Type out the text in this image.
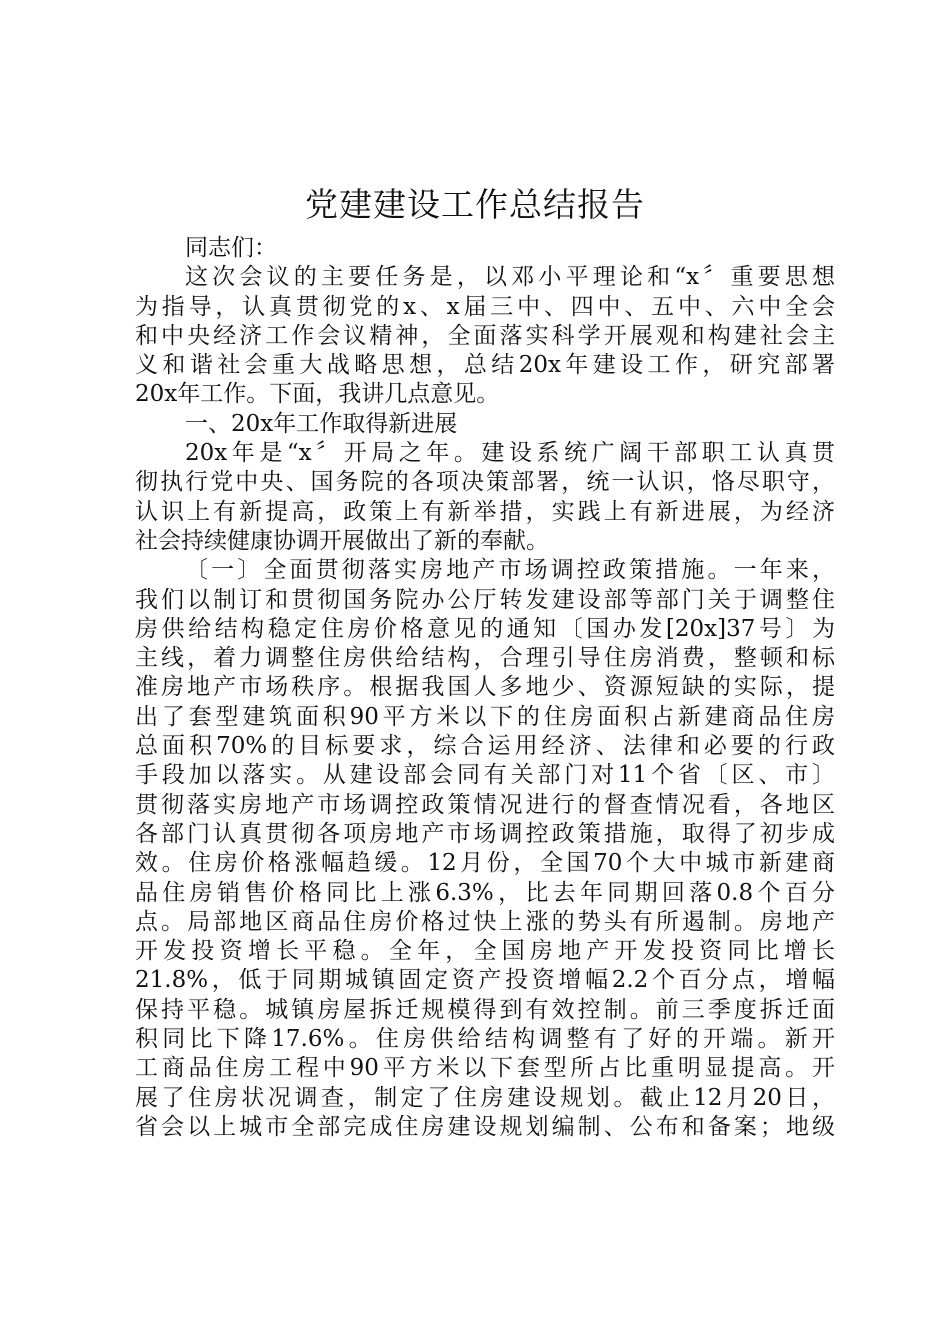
党建建设工作总结报告
同志们：
这次会议的主要任务是，以邓小平理论和“x〞重要思想
为指导，认真贯彻党的x、x届三中、四中、五中、六中全会
和中央经济工作会议精神，全面落实科学开展观和构建社会主
义和谐社会重大战略思想，总结20x年建设工作，研究部署
20x年工作。下面，我讲几点意见。
一、20x年工作取得新进展
20x年是“x〞开局之年。建设系统广阔干部职工认真贯
彻执行党中央、国务院的各项决策部署，统一认识，恪尽职守，
认识上有新提高，政策上有新举措，实践上有新进展，为经济
社会持续健康协调开展做出了新的奉献。
〔一〕全面贯彻落实房地产市场调控政策措施。一年来，
我们以制订和贯彻国务院办公厅转发建设部等部门关于调整住
房供给结构稳定住房价格意见的通知〔国办发[20x]37号〕为
主线，着力调整住房供给结构，合理引导住房消费，整顿和标
准房地产市场秩序。根据我国人多地少、资源短缺的实际，提
出了套型建筑面积90平方米以下的住房面积占新建商品住房
总面积70%的目标要求，综合运用经济、法律和必要的行政
手段加以落实。从建设部会同有关部门对11个省〔区、市〕
贯彻落实房地产市场调控政策情况进行的督查情况看，各地区
各部门认真贯彻各项房地产市场调控政策措施，取得了初步成
效。住房价格涨幅趋缓。12月份，全国70个大中城市新建商
品住房销售价格同比上涨6.3%，比去年同期回落0.8个百分
点。局部地区商品住房价格过快上涨的势头有所遏制。房地产
开发投资增长平稳。全年，全国房地产开发投资同比增长
21.8%，低于同期城镇固定资产投资增幅2.2个百分点，增幅
保持平稳。城镇房屋拆迁规模得到有效控制。前三季度拆迁面
积同比下降17.6%。住房供给结构调整有了好的开端。新开
工商品住房工程中90平方米以下套型所占比重明显提高。开
展了住房状况调查，制定了住房建设规划。截止12月20日，
省会以上城市全部完成住房建设规划编制、公布和备案；地级
